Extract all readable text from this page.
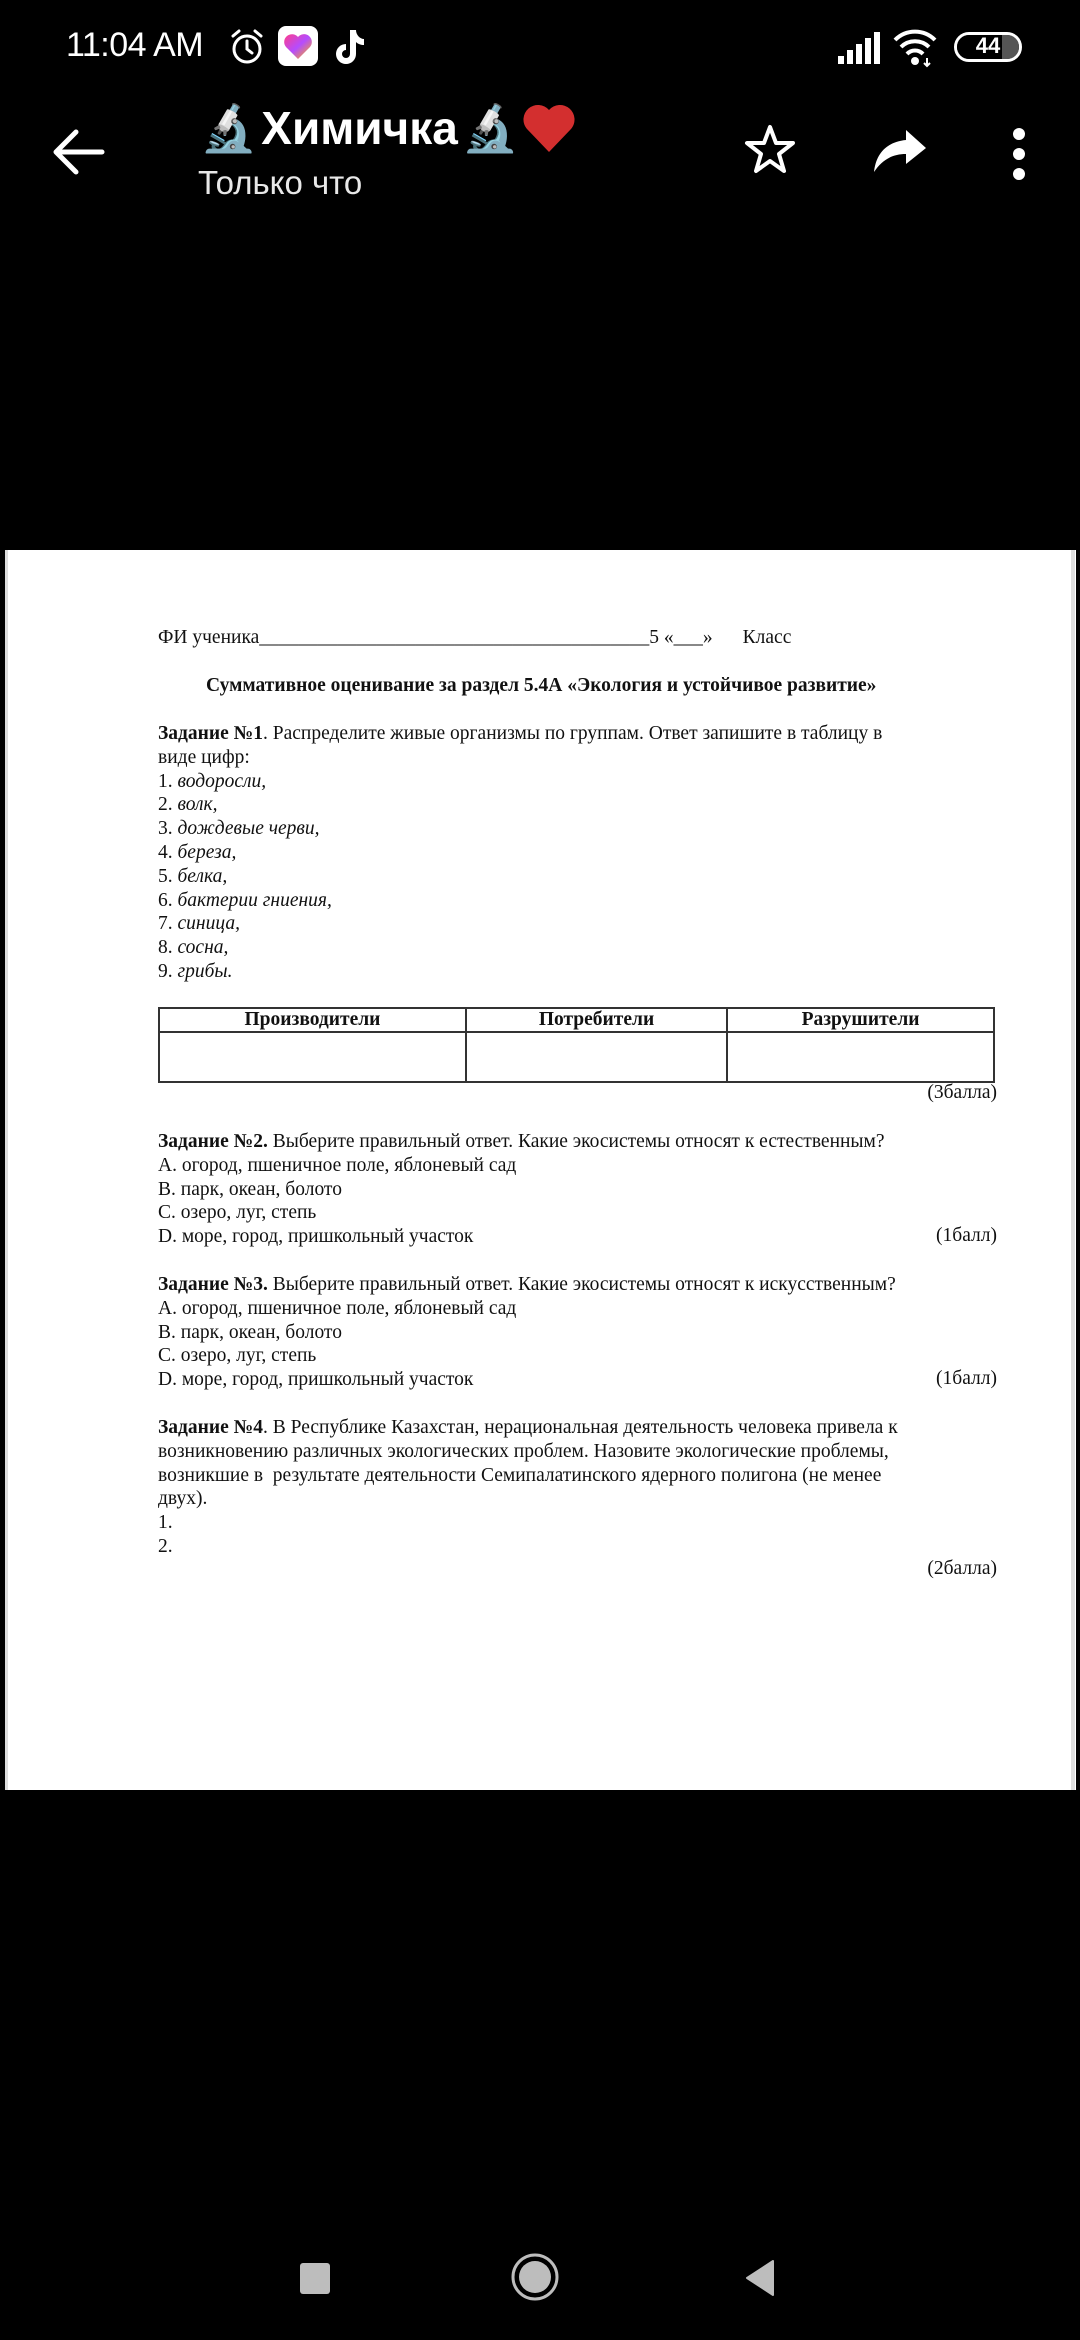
11:04 AM	44
🔬 Химичка 🔬
Только что
ФИ ученика________________________________________5 «___» Класс
Суммативное оценивание за раздел 5.4А «Экология и устойчивое развитие»
Задание №1. Распределите живые организмы по группам. Ответ запишите в таблицу в
виде цифр:
1. водоросли,
2. волк,
3. дождевые черви,
4. береза,
5. белка,
6. бактерии гниения,
7. синица,
8. сосна,
9. грибы.
Производители	Потребители	Разрушители

(3балла)
Задание №2. Выберите правильный ответ. Какие экосистемы относят к естественным?
A. огород, пшеничное поле, яблоневый сад
B. парк, океан, болото
C. озеро, луг, степь
D. море, город, пришкольный участок	(1балл)
Задание №3. Выберите правильный ответ. Какие экосистемы относят к искусственным?
A. огород, пшеничное поле, яблоневый сад
B. парк, океан, болото
C. озеро, луг, степь
D. море, город, пришкольный участок	(1балл)
Задание №4. В Республике Казахстан, нерациональная деятельность человека привела к
возникновению различных экологических проблем. Назовите экологические проблемы,
возникшие в  результате деятельности Семипалатинского ядерного полигона (не менее
двух).
1.
2.
(2балла)
